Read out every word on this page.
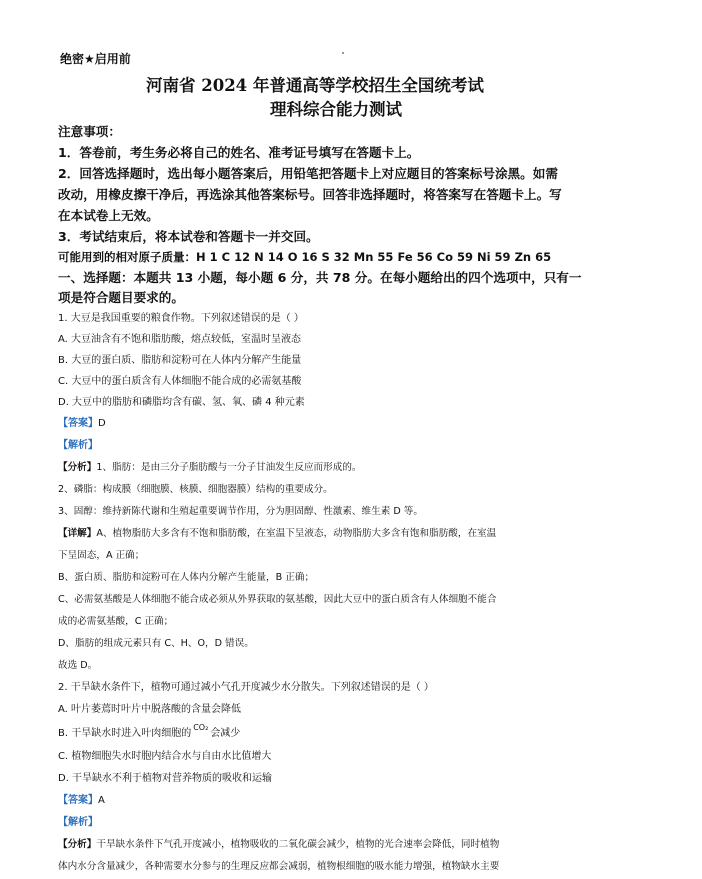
绝密★启用前
河南省 2024 年普通高等学校招生全国统考试
理科综合能力测试
注意事项：
1．答卷前，考生务必将自己的姓名、准考证号填写在答题卡上。
2．回答选择题时，选出每小题答案后，用铅笔把答题卡上对应题目的答案标号涂黑。如需
改动，用橡皮擦干净后，再选涂其他答案标号。回答非选择题时，将答案写在答题卡上。写
在本试卷上无效。
3．考试结束后，将本试卷和答题卡一并交回。
可能用到的相对原子质量：H 1 C 12 N 14 O 16 S 32 Mn 55 Fe 56 Co 59 Ni 59 Zn 65
一、选择题：本题共 13 小题，每小题 6 分，共 78 分。在每小题给出的四个选项中，只有一
项是符合题目要求的。
1. 大豆是我国重要的粮食作物。下列叙述错误的是（ ）
A. 大豆油含有不饱和脂肪酸，熔点较低，室温时呈液态
B. 大豆的蛋白质、脂肪和淀粉可在人体内分解产生能量
C. 大豆中的蛋白质含有人体细胞不能合成的必需氨基酸
D. 大豆中的脂肪和磷脂均含有碳、氢、氧、磷 4 种元素
【答案】D
【解析】
【分析】1、脂肪：是由三分子脂肪酸与一分子甘油发生反应而形成的。
2、磷脂：构成膜（细胞膜、核膜、细胞器膜）结构的重要成分。
3、固醇：维持新陈代谢和生殖起重要调节作用，分为胆固醇、性激素、维生素 D 等。
【详解】A、植物脂肪大多含有不饱和脂肪酸，在室温下呈液态，动物脂肪大多含有饱和脂肪酸，在室温
下呈固态，A 正确；
B、蛋白质、脂肪和淀粉可在人体内分解产生能量，B 正确；
C、必需氨基酸是人体细胞不能合成必须从外界获取的氨基酸，因此大豆中的蛋白质含有人体细胞不能合
成的必需氨基酸，C 正确；
D、脂肪的组成元素只有 C、H、O，D 错误。
故选 D。
2. 干旱缺水条件下，植物可通过减小气孔开度减少水分散失。下列叙述错误的是（ ）
A. 叶片萎蔫时叶片中脱落酸的含量会降低
B. 干旱缺水时进入叶肉细胞的CO₂会减少
C. 植物细胞失水时胞内结合水与自由水比值增大
D. 干旱缺水不利于植物对营养物质的吸收和运输
【答案】A
【解析】
【分析】干旱缺水条件下气孔开度减小，植物吸收的二氧化碳会减少，植物的光合速率会降低，同时植物
体内水分含量减少，各种需要水分参与的生理反应都会减弱，植物根细胞的吸水能力增强，植物缺水主要
